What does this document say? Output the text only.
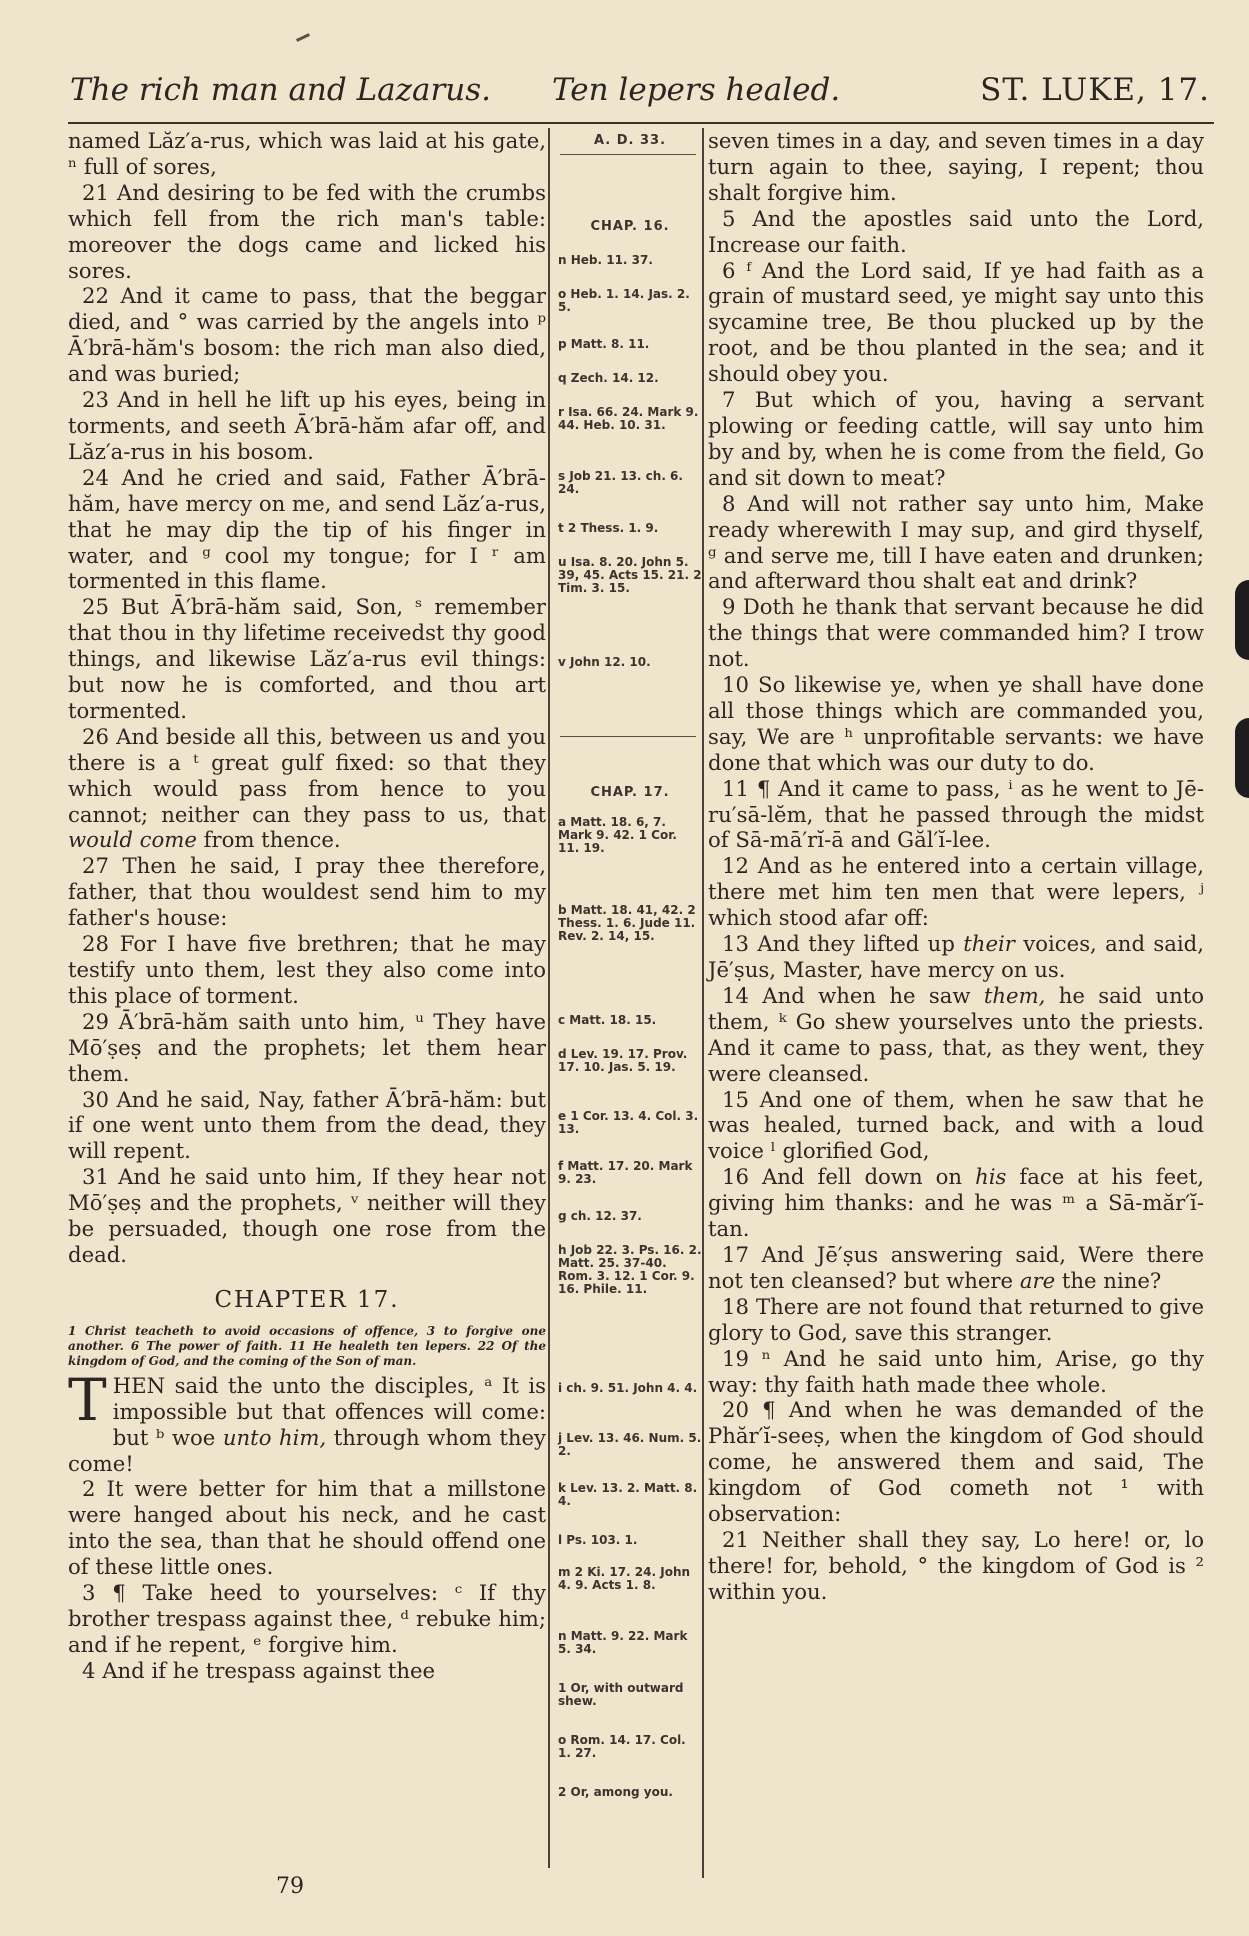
The rich man and Lazarus. Ten lepers healed.	ST. LUKE, 17.

named Lăz′a-rus, which was laid at his gate, ⁿ full of sores,

21 And desiring to be fed with the crumbs which fell from the rich man's table: moreover the dogs came and licked his sores.

22 And it came to pass, that the beggar died, and ° was carried by the angels into ᵖ Ā′brā-hăm's bosom: the rich man also died, and was buried;

23 And in hell he lift up his eyes, being in torments, and seeth Ā′brā-hăm afar off, and Lăz′a-rus in his bosom.

24 And he cried and said, Father Ā′brā-hăm, have mercy on me, and send Lăz′a-rus, that he may dip the tip of his finger in water, and ᵍ cool my tongue; for I ʳ am tormented in this flame.

25 But Ā′brā-hăm said, Son, ˢ remember that thou in thy lifetime receivedst thy good things, and likewise Lăz′a-rus evil things: but now he is comforted, and thou art tormented.

26 And beside all this, between us and you there is a ᵗ great gulf fixed: so that they which would pass from hence to you cannot; neither can they pass to us, that would come from thence.

27 Then he said, I pray thee therefore, father, that thou wouldest send him to my father's house:

28 For I have five brethren; that he may testify unto them, lest they also come into this place of torment.

29 Ā′brā-hăm saith unto him, ᵘ They have Mō′ṣeṣ and the prophets; let them hear them.

30 And he said, Nay, father Ā′brā-hăm: but if one went unto them from the dead, they will repent.

31 And he said unto him, If they hear not Mō′ṣeṣ and the prophets, ᵛ neither will they be persuaded, though one rose from the dead.

CHAPTER 17.
1 Christ teacheth to avoid occasions of offence, 3 to forgive one another. 6 The power of faith. 11 He healeth ten lepers. 22 Of the kingdom of God, and the coming of the Son of man.

THEN said the unto the disciples, ᵃ It is impossible but that offences will come: but ᵇ woe unto him, through whom they come!

2 It were better for him that a millstone were hanged about his neck, and he cast into the sea, than that he should offend one of these little ones.

3 ¶ Take heed to yourselves: ᶜ If thy brother trespass against thee, ᵈ rebuke him; and if he repent, ᵉ forgive him.

4 And if he trespass against thee

79
A. D. 33.
CHAP. 16.
n Heb. 11. 37.
o Heb. 1. 14. Jas. 2. 5.
p Matt. 8. 11.
q Zech. 14. 12.
r Isa. 66. 24. Mark 9. 44. Heb. 10. 31.
s Job 21. 13. ch. 6. 24.
t 2 Thess. 1. 9.
u Isa. 8. 20. John 5. 39, 45. Acts 15. 21. 2 Tim. 3. 15.
v John 12. 10.
CHAP. 17.
a Matt. 18. 6, 7. Mark 9. 42. 1 Cor. 11. 19.
b Matt. 18. 41, 42. 2 Thess. 1. 6. Jude 11. Rev. 2. 14, 15.
c Matt. 18. 15.
d Lev. 19. 17. Prov. 17. 10. Jas. 5. 19.
e 1 Cor. 13. 4. Col. 3. 13.
f Matt. 17. 20. Mark 9. 23.
g ch. 12. 37.
h Job 22. 3. Ps. 16. 2. Matt. 25. 37-40. Rom. 3. 12. 1 Cor. 9. 16. Philе. 11.
i ch. 9. 51. John 4. 4.
j Lev. 13. 46. Num. 5. 2.
k Lev. 13. 2. Matt. 8. 4.
l Ps. 103. 1.
m 2 Ki. 17. 24. John 4. 9. Acts 1. 8.
n Matt. 9. 22. Mark 5. 34.
1 Or, with outward shew.
o Rom. 14. 17. Col. 1. 27.
2 Or, among you.

seven times in a day, and seven times in a day turn again to thee, saying, I repent; thou shalt forgive him.

5 And the apostles said unto the Lord, Increase our faith.

6 ᶠ And the Lord said, If ye had faith as a grain of mustard seed, ye might say unto this sycamine tree, Be thou plucked up by the root, and be thou planted in the sea; and it should obey you.

7 But which of you, having a servant plowing or feeding cattle, will say unto him by and by, when he is come from the field, Go and sit down to meat?

8 And will not rather say unto him, Make ready wherewith I may sup, and gird thyself, ᵍ and serve me, till I have eaten and drunken; and afterward thou shalt eat and drink?

9 Doth he thank that servant because he did the things that were commanded him? I trow not.

10 So likewise ye, when ye shall have done all those things which are commanded you, say, We are ʰ unprofitable servants: we have done that which was our duty to do.

11 ¶ And it came to pass, ⁱ as he went to Jē-ru′sā-lĕm, that he passed through the midst of Sā-mā′rĭ-ā and Găl′ĭ-lee.

12 And as he entered into a certain village, there met him ten men that were lepers, ʲ which stood afar off:

13 And they lifted up their voices, and said, Jē′ṣus, Master, have mercy on us.

14 And when he saw them, he said unto them, ᵏ Go shew yourselves unto the priests. And it came to pass, that, as they went, they were cleansed.

15 And one of them, when he saw that he was healed, turned back, and with a loud voice ˡ glorified God,

16 And fell down on his face at his feet, giving him thanks: and he was ᵐ a Sā-măr′ĭ-tan.

17 And Jē′ṣus answering said, Were there not ten cleansed? but where are the nine?

18 There are not found that returned to give glory to God, save this stranger.

19 ⁿ And he said unto him, Arise, go thy way: thy faith hath made thee whole.

20 ¶ And when he was demanded of the Phăr′ĭ-seeṣ, when the kingdom of God should come, he answered them and said, The kingdom of God cometh not ¹ with observation:

21 Neither shall they say, Lo here! or, lo there! for, behold, ° the kingdom of God is ² within you.
